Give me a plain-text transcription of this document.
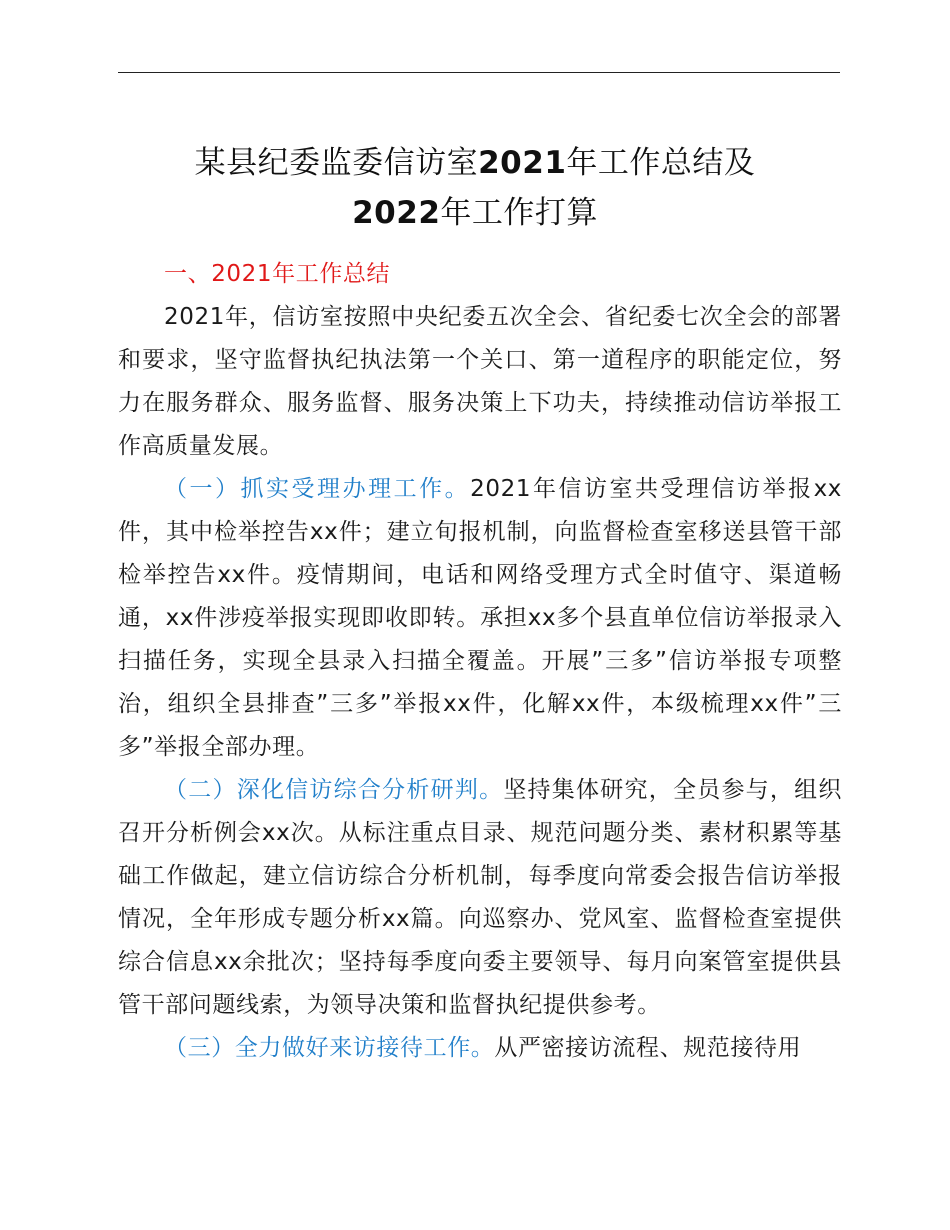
某县纪委监委信访室2021年工作总结及
2022年工作打算

一、2021年工作总结

2021年，信访室按照中央纪委五次全会、省纪委七次全会的部署和要求，坚守监督执纪执法第一个关口、第一道程序的职能定位，努力在服务群众、服务监督、服务决策上下功夫，持续推动信访举报工作高质量发展。

（一）抓实受理办理工作。2021年信访室共受理信访举报xx件，其中检举控告xx件；建立旬报机制，向监督检查室移送县管干部检举控告xx件。疫情期间，电话和网络受理方式全时值守、渠道畅通，xx件涉疫举报实现即收即转。承担xx多个县直单位信访举报录入扫描任务，实现全县录入扫描全覆盖。开展”三多”信访举报专项整治，组织全县排查”三多”举报xx件，化解xx件，本级梳理xx件”三多”举报全部办理。

（二）深化信访综合分析研判。坚持集体研究，全员参与，组织召开分析例会xx次。从标注重点目录、规范问题分类、素材积累等基础工作做起，建立信访综合分析机制，每季度向常委会报告信访举报情况，全年形成专题分析xx篇。向巡察办、党风室、监督检查室提供综合信息xx余批次；坚持每季度向委主要领导、每月向案管室提供县管干部问题线索，为领导决策和监督执纪提供参考。

（三）全力做好来访接待工作。从严密接访流程、规范接待用
